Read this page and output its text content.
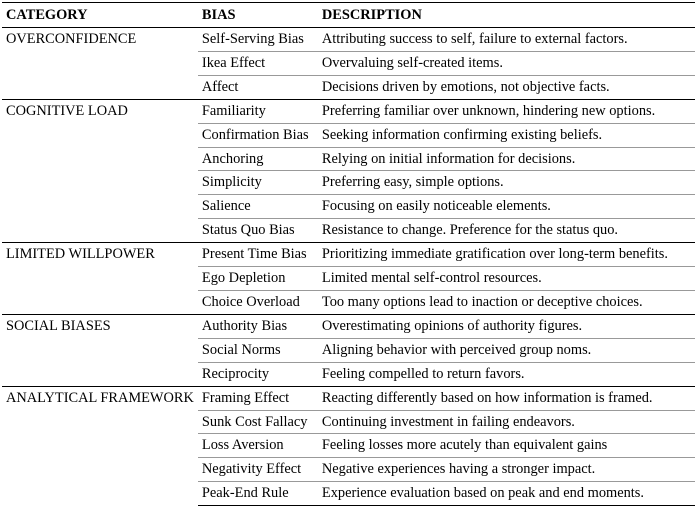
CATEGORY	BIAS	DESCRIPTION
OVERCONFIDENCE	Self-Serving Bias	Attributing success to self, failure to external factors.
	Ikea Effect	Overvaluing self-created items.
	Affect	Decisions driven by emotions, not objective facts.
COGNITIVE LOAD	Familiarity	Preferring familiar over unknown, hindering new options.
	Confirmation Bias	Seeking information confirming existing beliefs.
	Anchoring	Relying on initial information for decisions.
	Simplicity	Preferring easy, simple options.
	Salience	Focusing on easily noticeable elements.
	Status Quo Bias	Resistance to change. Preference for the status quo.
LIMITED WILLPOWER	Present Time Bias	Prioritizing immediate gratification over long-term benefits.
	Ego Depletion	Limited mental self-control resources.
	Choice Overload	Too many options lead to inaction or deceptive choices.
SOCIAL BIASES	Authority Bias	Overestimating opinions of authority figures.
	Social Norms	Aligning behavior with perceived group noms.
	Reciprocity	Feeling compelled to return favors.
ANALYTICAL FRAMEWORK	Framing Effect	Reacting differently based on how information is framed.
	Sunk Cost Fallacy	Continuing investment in failing endeavors.
	Loss Aversion	Feeling losses more acutely than equivalent gains
	Negativity Effect	Negative experiences having a stronger impact.
	Peak-End Rule	Experience evaluation based on peak and end moments.
